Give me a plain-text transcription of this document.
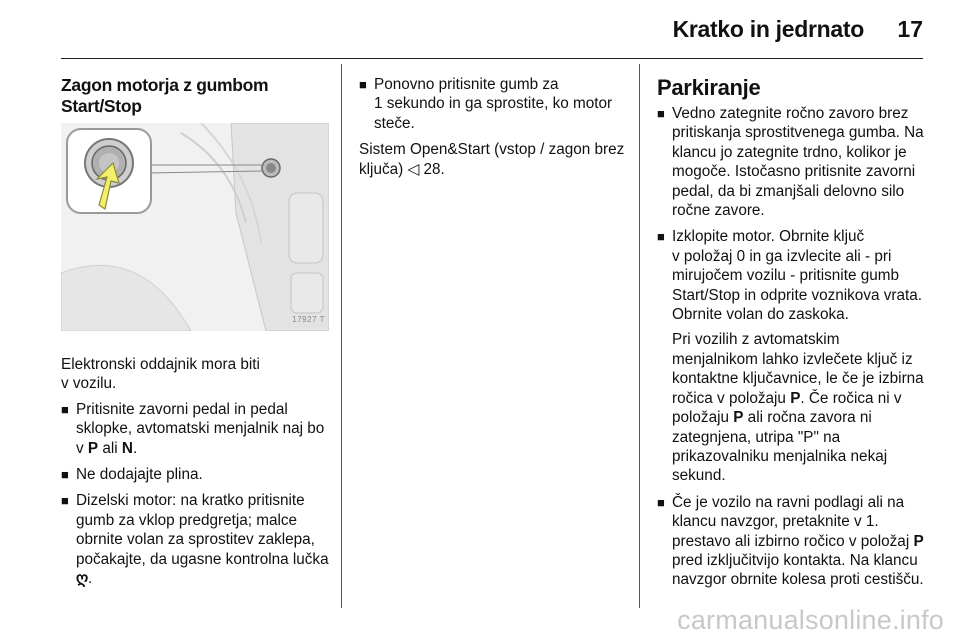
Kratko in jedrnato 17
Zagon motorja z gumbom
Start/Stop
17927 T

Elektronski oddajnik mora biti
v vozilu.

■ Pritisnite zavorni pedal in pedal sklopke, avtomatski menjalnik naj bo v P ali N.
■ Ne dodajajte plina.
■ Dizelski motor: na kratko pritisnite gumb za vklop predgretja; malce obrnite volan za sprostitev zaklepa, počakajte, da ugasne kontrolna lučka ღ.
■ Ponovno pritisnite gumb za
1 sekundo in ga sprostite, ko motor steče.

Sistem Open&Start (vstop / zagon brez ključa) ◁ 28.

Parkiranje
■ Vedno zategnite ročno zavoro brez pritiskanja sprostitvenega gumba. Na klancu jo zategnite trdno, kolikor je mogoče. Istočasno pritisnite zavorni pedal, da bi zmanjšali delovno silo ročne zavore.
■ Izklopite motor. Obrnite ključ
v položaj 0 in ga izvlecite ali - pri mirujočem vozilu - pritisnite gumb Start/Stop in odprite voznikova vrata. Obrnite volan do zaskoka.
Pri vozilih z avtomatskim menjalnikom lahko izvlečete ključ iz kontaktne ključavnice, le če je izbirna ročica v položaju P. Če ročica ni v položaju P ali ročna zavora ni zategnjena, utripa "P" na prikazovalniku menjalnika nekaj sekund.
■ Če je vozilo na ravni podlagi ali na klancu navzgor, pretaknite v 1. prestavo ali izbirno ročico v položaj P pred izključitvijo kontakta. Na klancu navzgor obrnite kolesa proti cestišču.
carmanualsonline.info
